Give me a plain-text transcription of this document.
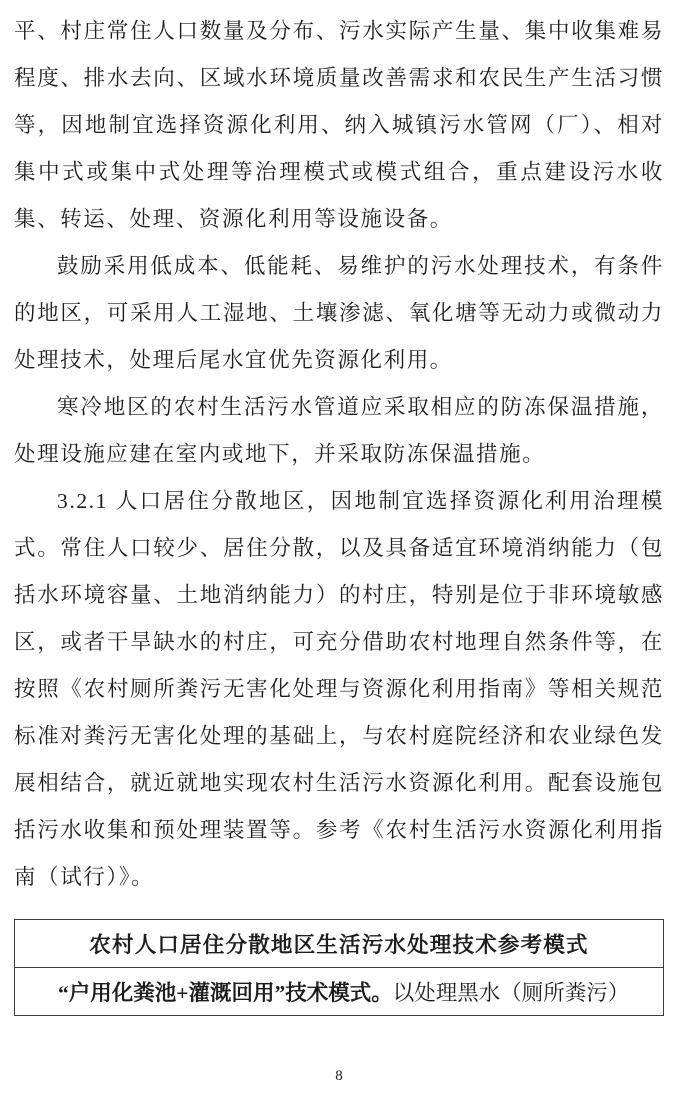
平、村庄常住人口数量及分布、污水实际产生量、集中收集难易程度、排水去向、区域水环境质量改善需求和农民生产生活习惯等，因地制宜选择资源化利用、纳入城镇污水管网（厂）、相对集中式或集中式处理等治理模式或模式组合，重点建设污水收集、转运、处理、资源化利用等设施设备。

鼓励采用低成本、低能耗、易维护的污水处理技术，有条件的地区，可采用人工湿地、土壤渗滤、氧化塘等无动力或微动力处理技术，处理后尾水宜优先资源化利用。

寒冷地区的农村生活污水管道应采取相应的防冻保温措施，处理设施应建在室内或地下，并采取防冻保温措施。

3.2.1 人口居住分散地区，因地制宜选择资源化利用治理模式。常住人口较少、居住分散，以及具备适宜环境消纳能力（包括水环境容量、土地消纳能力）的村庄，特别是位于非环境敏感区，或者干旱缺水的村庄，可充分借助农村地理自然条件等，在按照《农村厕所粪污无害化处理与资源化利用指南》等相关规范标准对粪污无害化处理的基础上，与农村庭院经济和农业绿色发展相结合，就近就地实现农村生活污水资源化利用。配套设施包括污水收集和预处理装置等。参考《农村生活污水资源化利用指南（试行）》。

农村人口居住分散地区生活污水处理技术参考模式
“户用化粪池+灌溉回用”技术模式。以处理黑水（厕所粪污）
8
